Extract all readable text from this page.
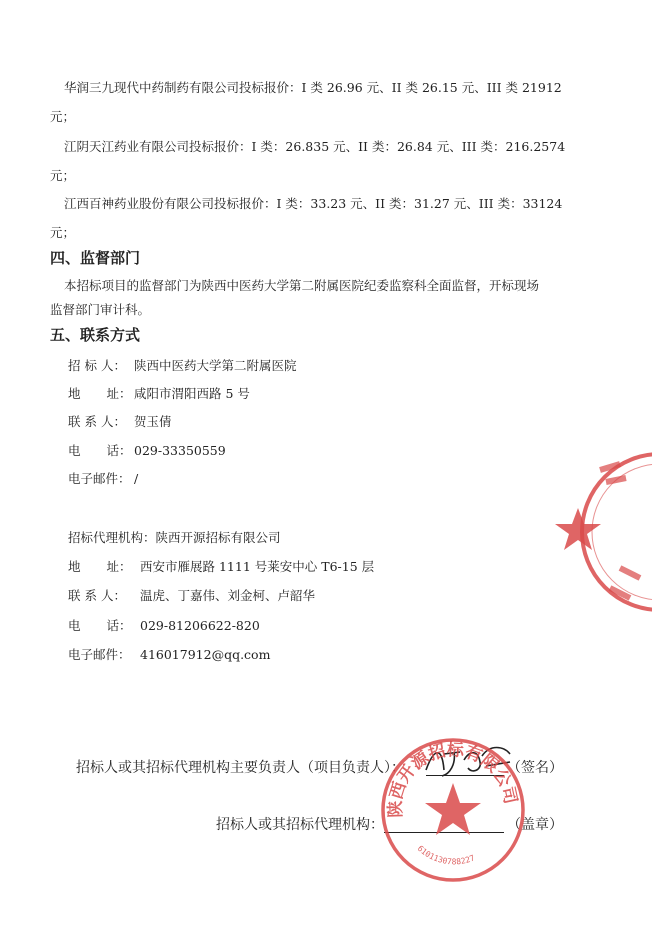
华润三九现代中药制药有限公司投标报价：I 类 26.96 元、II 类 26.15 元、III 类 21912
元；
江阴天江药业有限公司投标报价：I 类：26.835 元、II 类：26.84 元、III 类：216.2574
元；
江西百神药业股份有限公司投标报价：I 类：33.23 元、II 类：31.27 元、III 类：33124
元；
四、监督部门
本招标项目的监督部门为陕西中医药大学第二附属医院纪委监察科全面监督，开标现场
监督部门审计科。
五、联系方式
招 标 人： 陕西中医药大学第二附属医院
地 址： 咸阳市渭阳西路 5 号
联 系 人： 贺玉倩
电 话： 029-33350559
电子邮件： /
招标代理机构：陕西开源招标有限公司
地 址： 西安市雁展路 1111 号莱安中心 T6-15 层
联 系 人： 温虎、丁嘉伟、刘金柯、卢韶华
电 话： 029-81206622-820
电子邮件： 416017912@qq.com
招标人或其招标代理机构主要负责人（项目负责人）：	（签名）
招标人或其招标代理机构：	（盖章）
陕西开源招标有限公司
6101130788227
